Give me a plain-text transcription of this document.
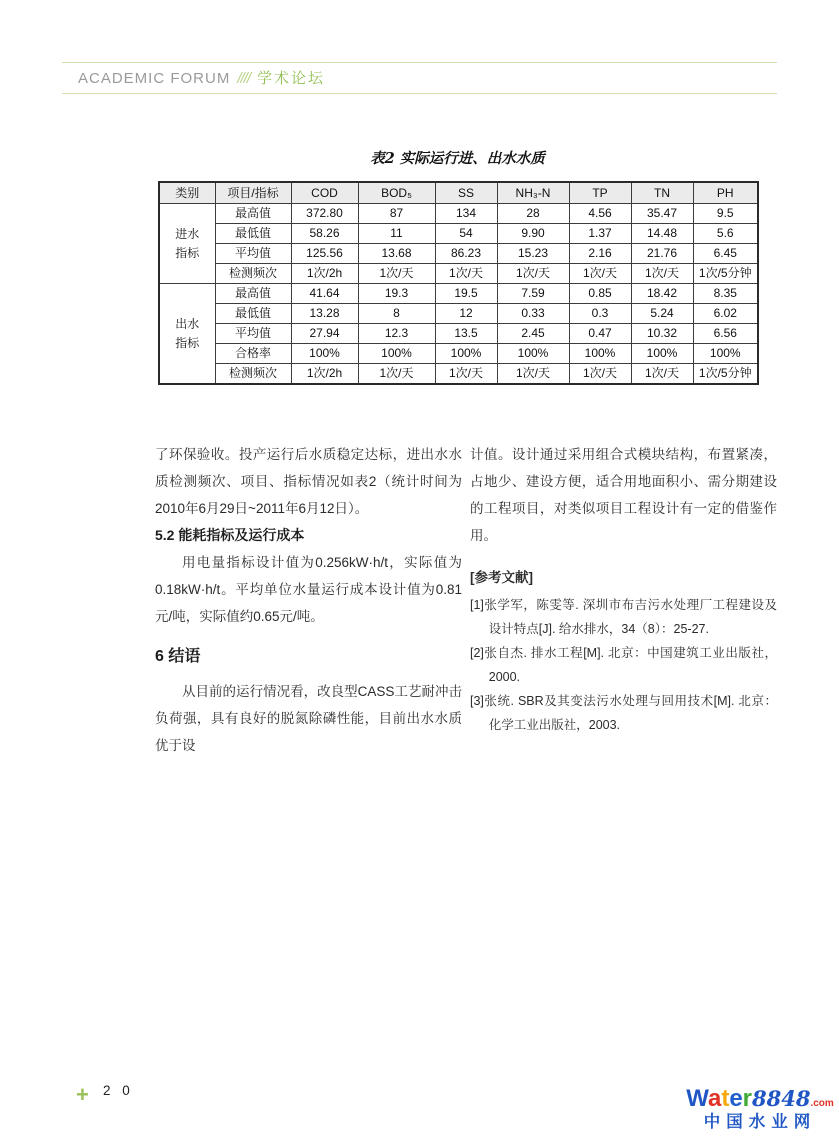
ACADEMIC FORUM //// 学术论坛
表2 实际运行进、出水水质
类别	项目/指标	COD	BOD₅	SS	NH₃-N	TP	TN	PH
进水指标	最高值	372.80	87	134	28	4.56	35.47	9.5
	最低值	58.26	11	54	9.90	1.37	14.48	5.6
	平均值	125.56	13.68	86.23	15.23	2.16	21.76	6.45
	检测频次	1次/2h	1次/天	1次/天	1次/天	1次/天	1次/天	1次/5分钟
出水指标	最高值	41.64	19.3	19.5	7.59	0.85	18.42	8.35
	最低值	13.28	8	12	0.33	0.3	5.24	6.02
	平均值	27.94	12.3	13.5	2.45	0.47	10.32	6.56
	合格率	100%	100%	100%	100%	100%	100%	100%
	检测频次	1次/2h	1次/天	1次/天	1次/天	1次/天	1次/天	1次/5分钟

了环保验收。投产运行后水质稳定达标，进出水水质检测频次、项目、指标情况如表2（统计时间为2010年6月29日~2011年6月12日）。

5.2 能耗指标及运行成本

用电量指标设计值为0.256kW·h/t，实际值为0.18kW·h/t。平均单位水量运行成本设计值为0.81元/吨，实际值约0.65元/吨。

6 结语

从目前的运行情况看，改良型CASS工艺耐冲击负荷强，具有良好的脱氮除磷性能，目前出水水质优于设

计值。设计通过采用组合式模块结构，布置紧凑，占地少、建设方便，适合用地面积小、需分期建设的工程项目，对类似项目工程设计有一定的借鉴作用。

[参考文献]
[1]张学军，陈雯等. 深圳市布吉污水处理厂工程建设及设计特点[J]. 给水排水，34（8）：25-27.
[2]张自杰. 排水工程[M]. 北京：中国建筑工业出版社，2000.
[3]张统. SBR及其变法污水处理与回用技术[M]. 北京：化学工业出版社，2003.
+ 2 0	Water8848.com
中国水业网
